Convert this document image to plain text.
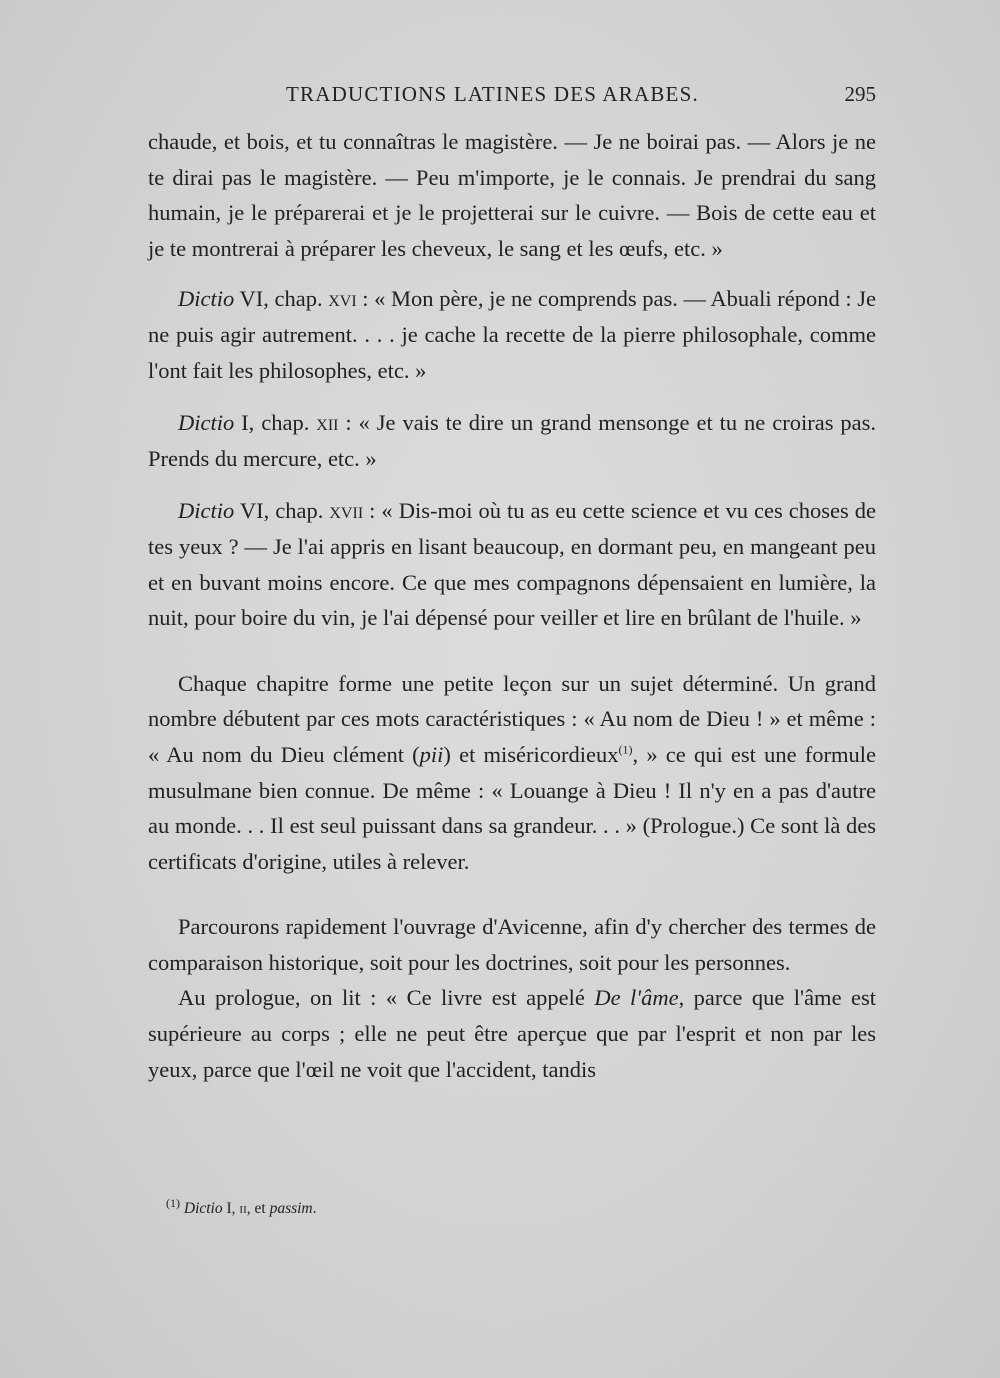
TRADUCTIONS LATINES DES ARABES.	295

chaude, et bois, et tu connaîtras le magistère. — Je ne boirai pas. — Alors je ne te dirai pas le magistère. — Peu m'importe, je le connais. Je prendrai du sang humain, je le préparerai et je le projetterai sur le cuivre. — Bois de cette eau et je te montrerai à préparer les cheveux, le sang et les œufs, etc. »

Dictio VI, chap. xvi : « Mon père, je ne comprends pas. — Abuali répond : Je ne puis agir autrement. . . . je cache la recette de la pierre philosophale, comme l'ont fait les philosophes, etc. »

Dictio I, chap. xii : « Je vais te dire un grand mensonge et tu ne croiras pas. Prends du mercure, etc. »

Dictio VI, chap. xvii : « Dis-moi où tu as eu cette science et vu ces choses de tes yeux ? — Je l'ai appris en lisant beaucoup, en dormant peu, en mangeant peu et en buvant moins encore. Ce que mes compagnons dépensaient en lumière, la nuit, pour boire du vin, je l'ai dépensé pour veiller et lire en brûlant de l'huile. »

Chaque chapitre forme une petite leçon sur un sujet déterminé. Un grand nombre débutent par ces mots caractéristiques : « Au nom de Dieu ! » et même : « Au nom du Dieu clément (pii) et miséricordieux$^{(1)}$, » ce qui est une formule musulmane bien connue. De même : « Louange à Dieu ! Il n'y en a pas d'autre au monde. . . Il est seul puissant dans sa grandeur. . . » (Prologue.) Ce sont là des certificats d'origine, utiles à relever.

Parcourons rapidement l'ouvrage d'Avicenne, afin d'y chercher des termes de comparaison historique, soit pour les doctrines, soit pour les personnes.

Au prologue, on lit : « Ce livre est appelé De l'âme, parce que l'âme est supérieure au corps ; elle ne peut être aperçue que par l'esprit et non par les yeux, parce que l'œil ne voit que l'accident, tandis

$^{(1)}$ Dictio I, ii, et passim.
